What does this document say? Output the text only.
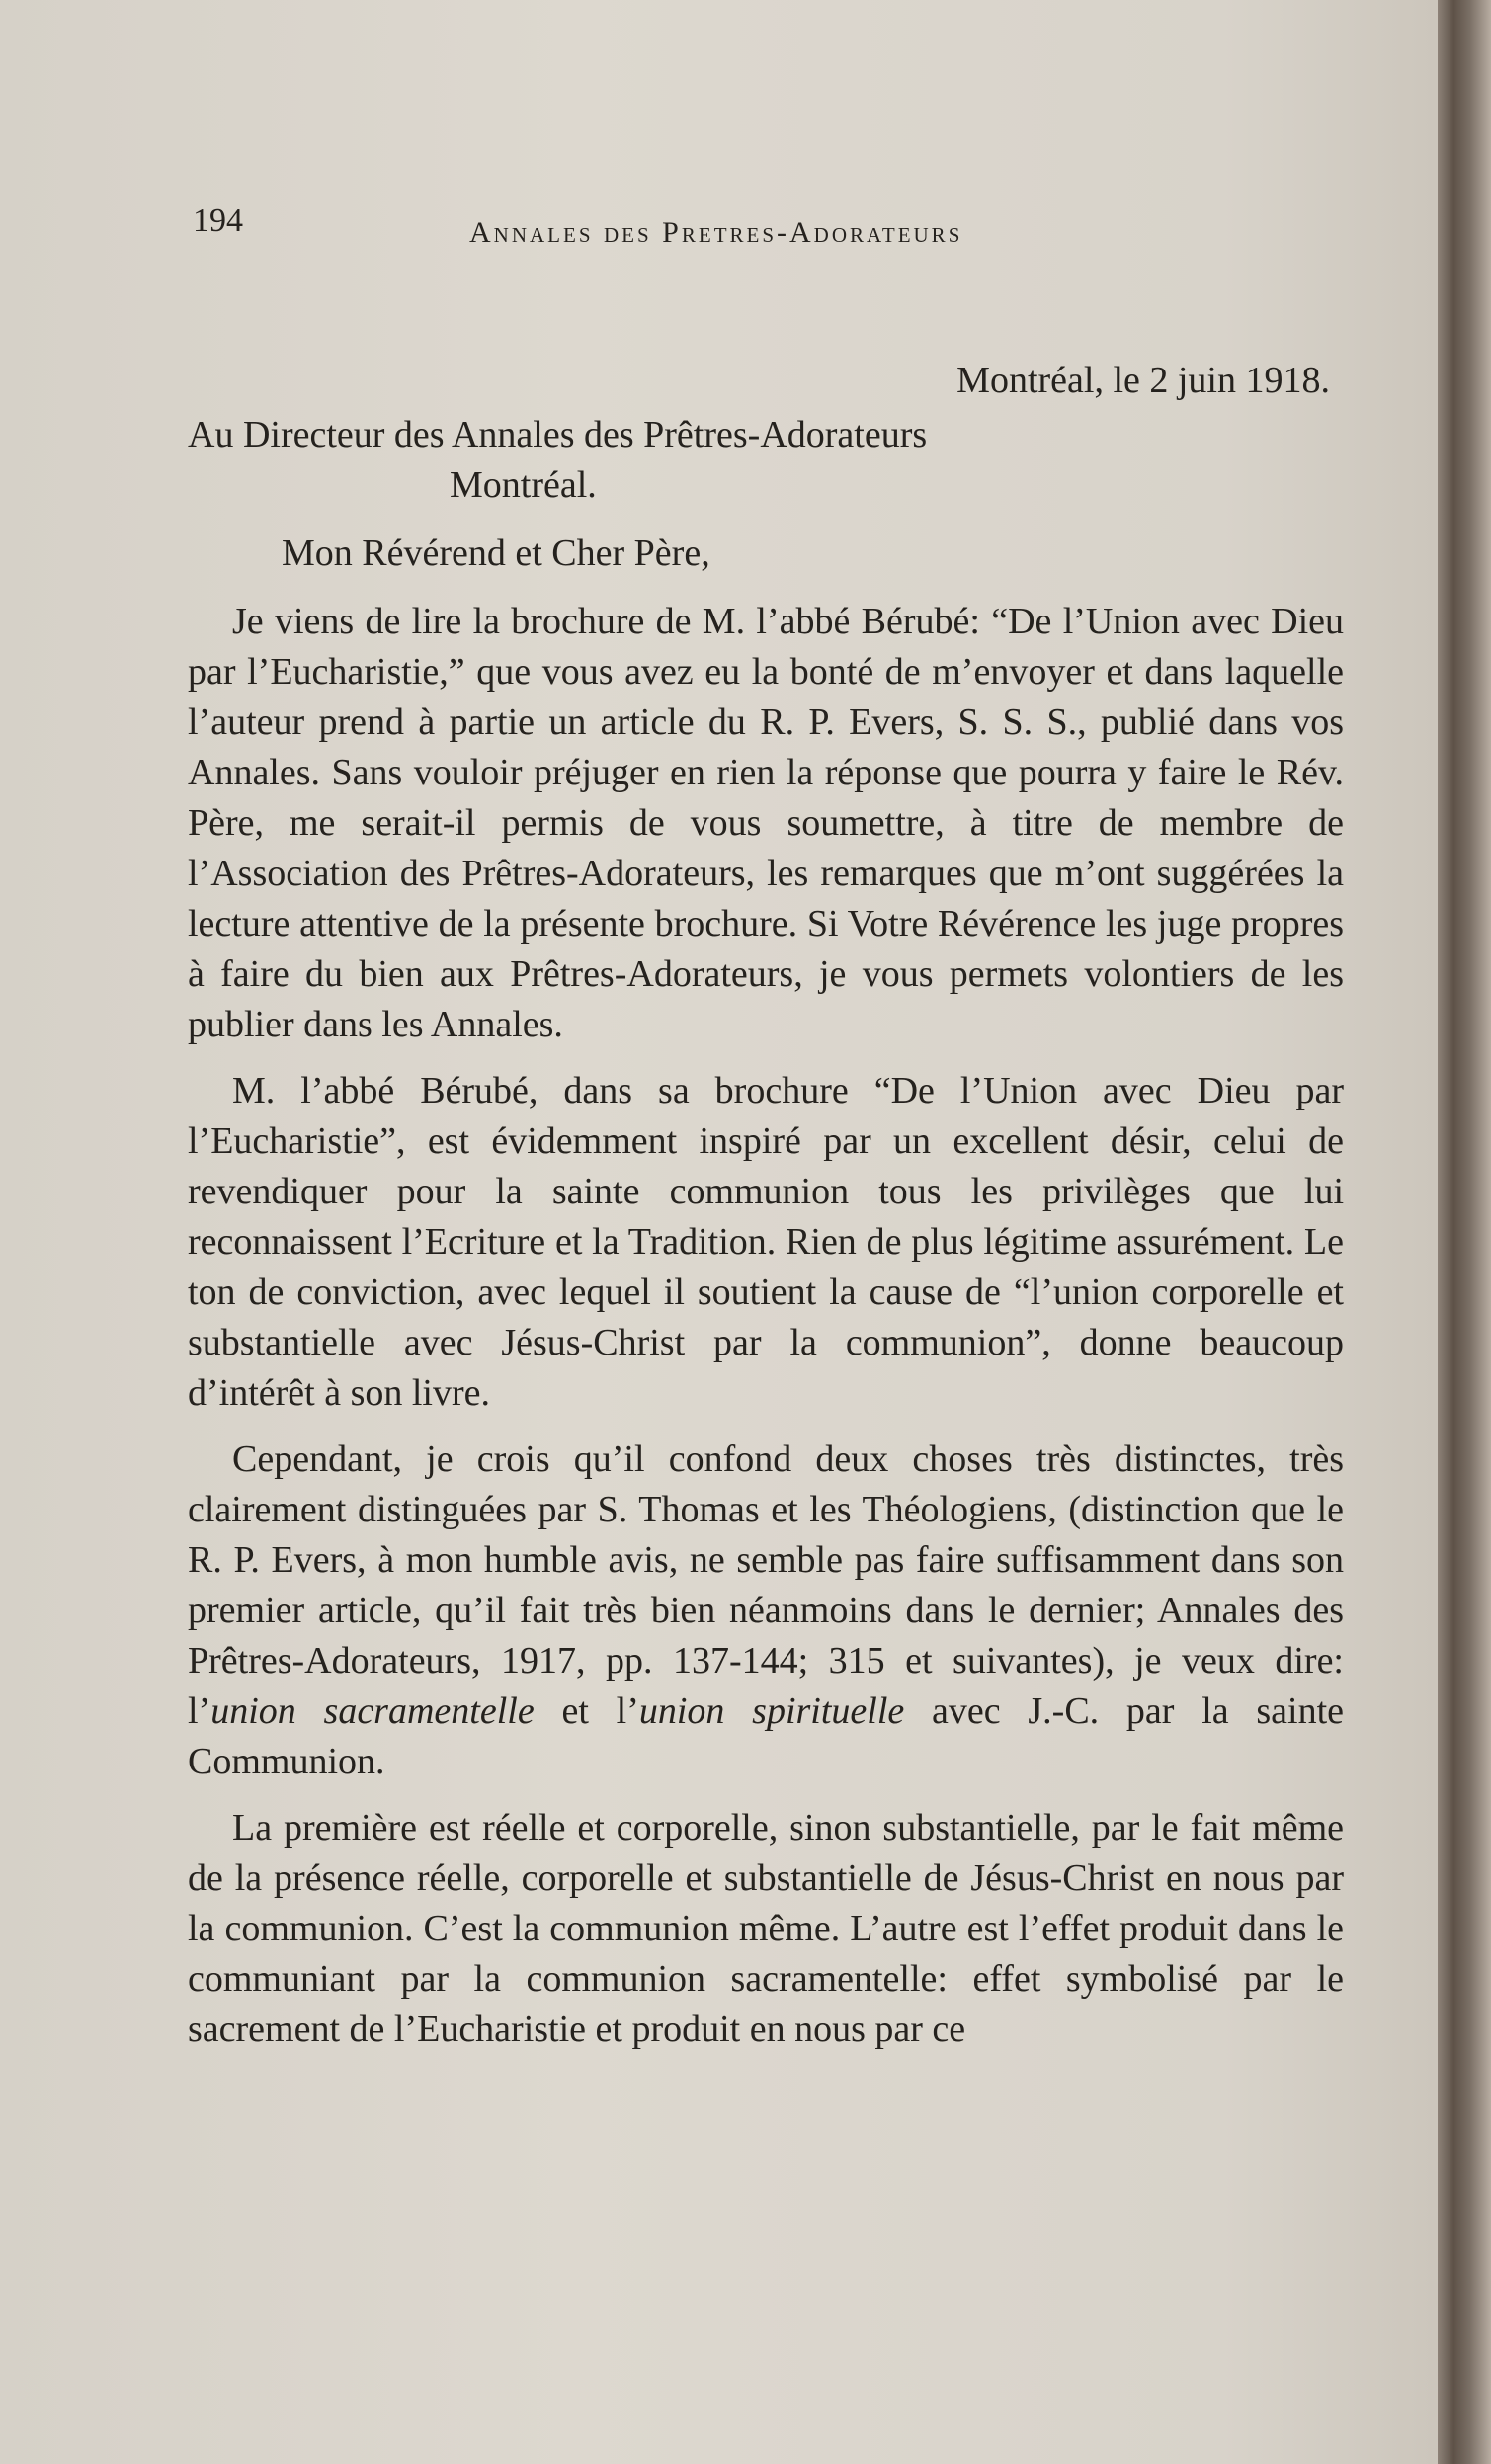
194	Annales des Pretres-Adorateurs

Montréal, le 2 juin 1918.

Au Directeur des Annales des Prêtres-Adorateurs

Montréal.

Mon Révérend et Cher Père,

Je viens de lire la brochure de M. l’abbé Bérubé: “De l’Union avec Dieu par l’Eucharistie,” que vous avez eu la bonté de m’envoyer et dans laquelle l’auteur prend à partie un article du R. P. Evers, S. S. S., publié dans vos Annales. Sans vouloir préjuger en rien la réponse que pourra y faire le Rév. Père, me serait-il permis de vous soumettre, à titre de membre de l’Association des Prêtres-Adorateurs, les remarques que m’ont suggérées la lecture attentive de la présente brochure. Si Votre Révérence les juge propres à faire du bien aux Prêtres-Adorateurs, je vous permets volontiers de les publier dans les Annales.

M. l’abbé Bérubé, dans sa brochure “De l’Union avec Dieu par l’Eucharistie”, est évidemment inspiré par un excellent désir, celui de revendiquer pour la sainte communion tous les privilèges que lui reconnaissent l’Ecriture et la Tradition. Rien de plus légitime assurément. Le ton de conviction, avec lequel il soutient la cause de “l’union corporelle et substantielle avec Jésus-Christ par la communion”, donne beaucoup d’intérêt à son livre.

Cependant, je crois qu’il confond deux choses très distinctes, très clairement distinguées par S. Thomas et les Théologiens, (distinction que le R. P. Evers, à mon humble avis, ne semble pas faire suffisamment dans son premier article, qu’il fait très bien néanmoins dans le dernier; Annales des Prêtres-Adorateurs, 1917, pp. 137-144; 315 et suivantes), je veux dire: l’union sacramentelle et l’union spirituelle avec J.-C. par la sainte Communion.

La première est réelle et corporelle, sinon substantielle, par le fait même de la présence réelle, corporelle et substantielle de Jésus-Christ en nous par la communion. C’est la communion même. L’autre est l’effet produit dans le communiant par la communion sacramentelle: effet symbolisé par le sacrement de l’Eucharistie et produit en nous par ce
